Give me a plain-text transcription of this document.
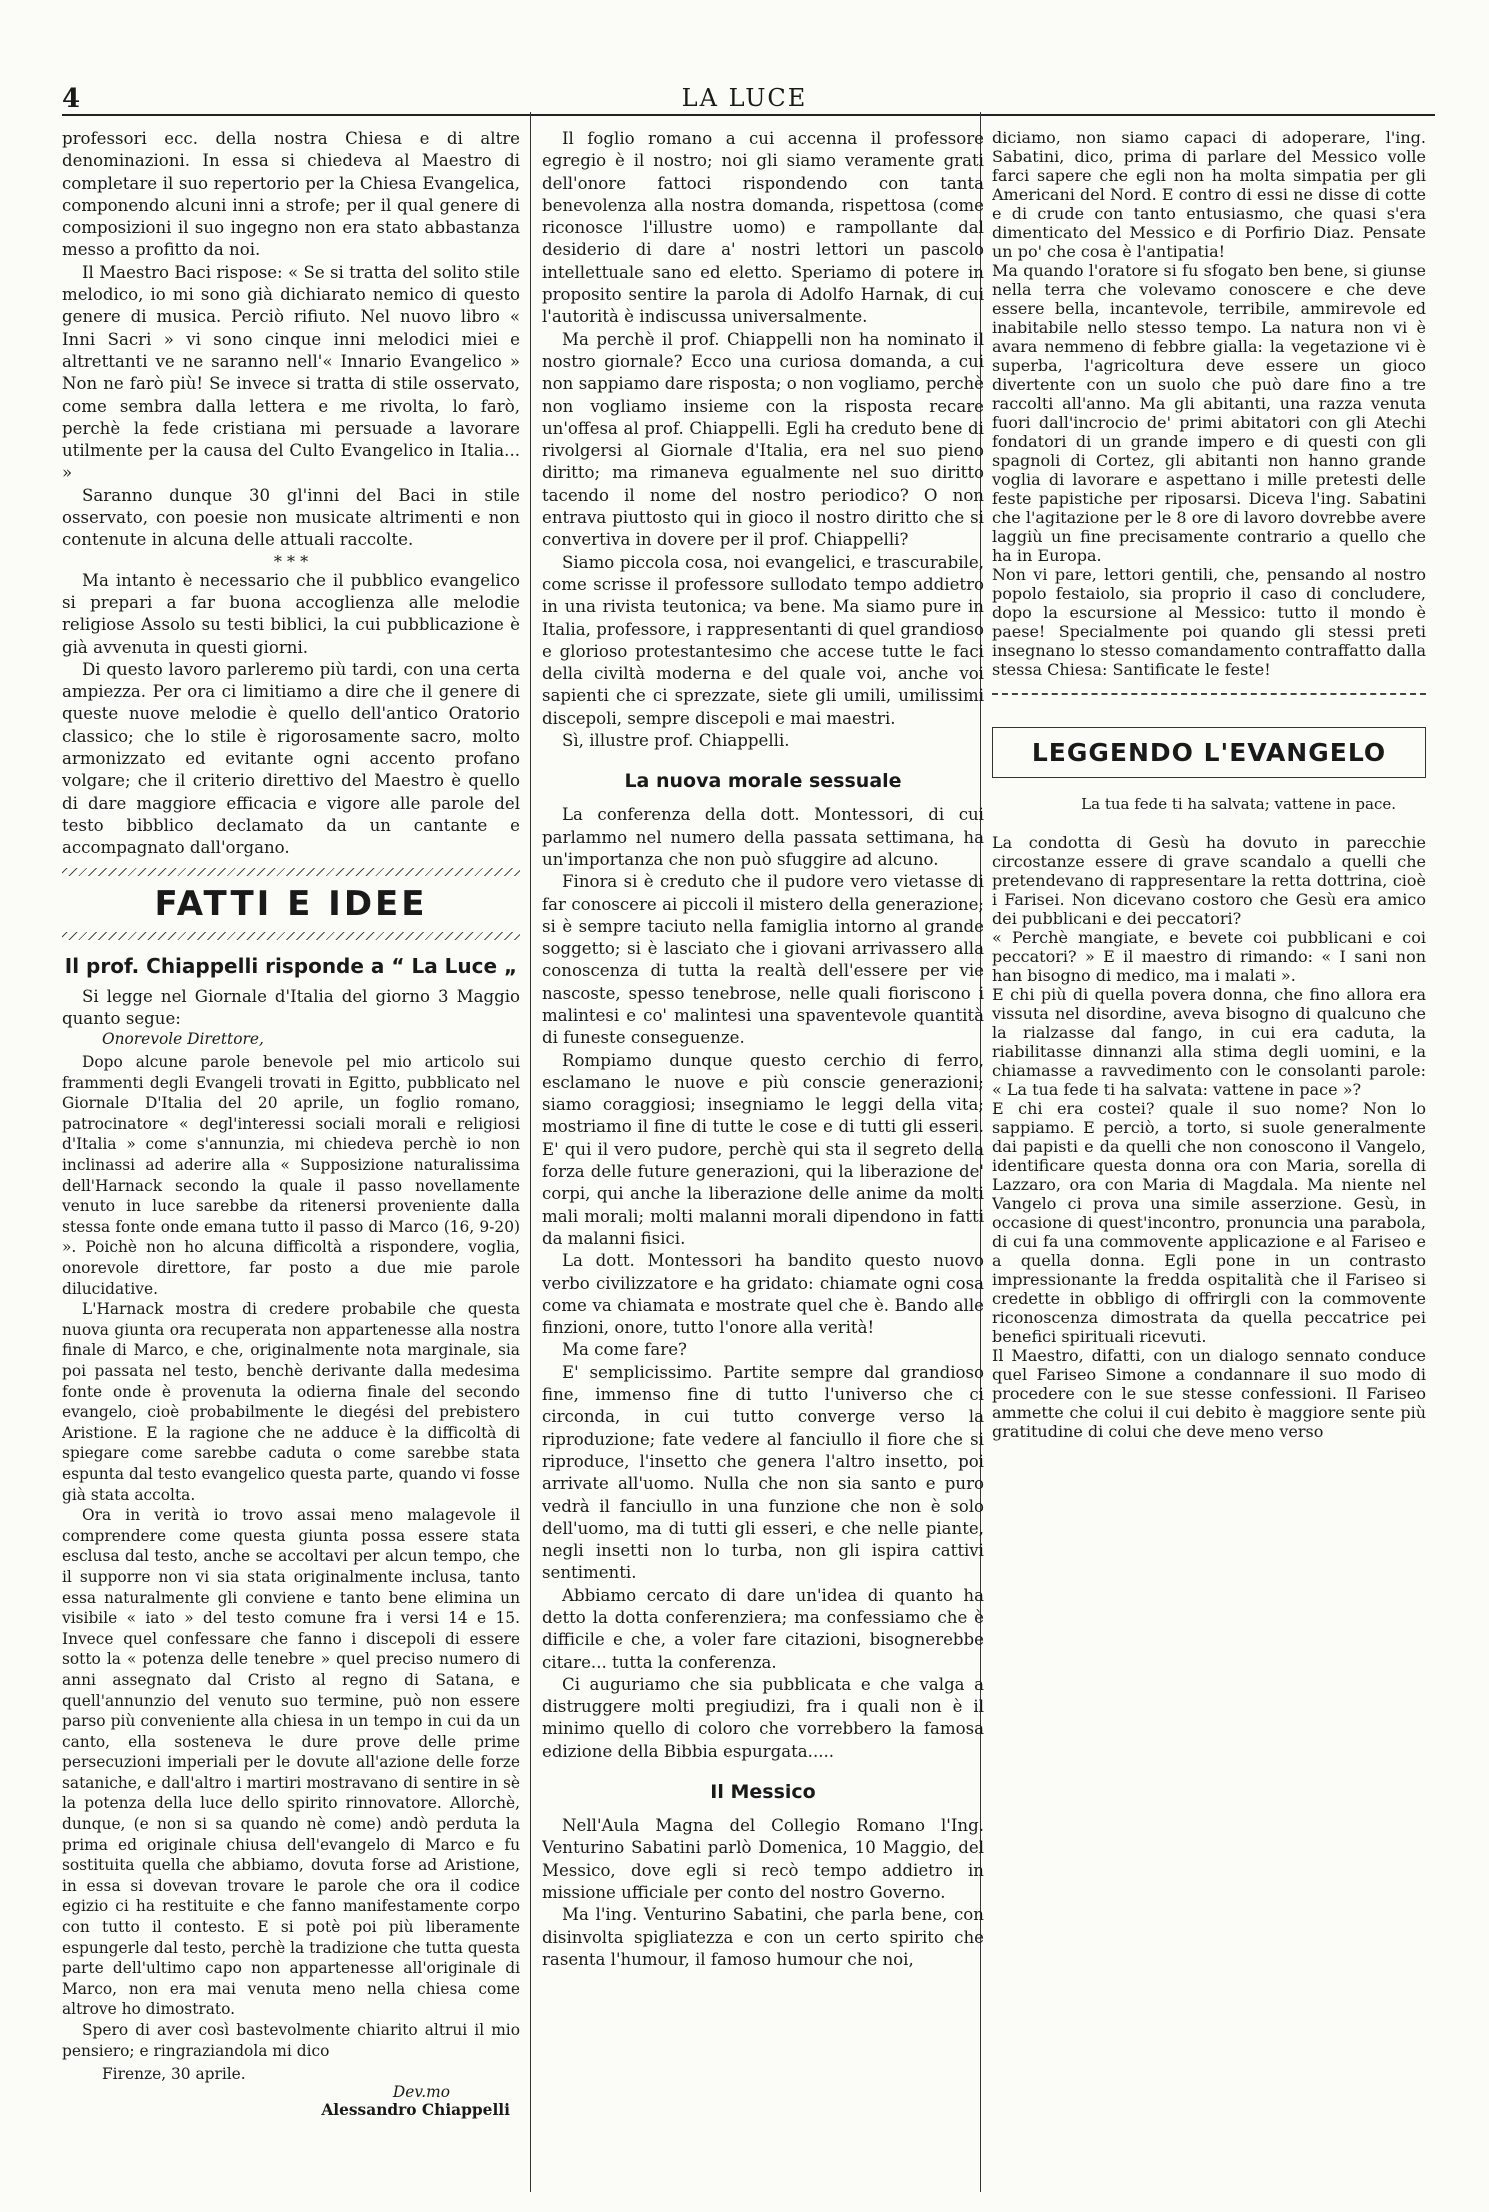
4	LA LUCE

professori ecc. della nostra Chiesa e di altre denominazioni. In essa si chiedeva al Maestro di completare il suo repertorio per la Chiesa Evangelica, componendo alcuni inni a strofe; per il qual genere di composizioni il suo ingegno non era stato abbastanza messo a profitto da noi.

Il Maestro Baci rispose: « Se si tratta del solito stile melodico, io mi sono già dichiarato nemico di questo genere di musica. Perciò rifiuto. Nel nuovo libro « Inni Sacri » vi sono cinque inni melodici miei e altrettanti ve ne saranno nell'« Innario Evangelico » Non ne farò più! Se invece si tratta di stile osservato, come sembra dalla lettera e me rivolta, lo farò, perchè la fede cristiana mi persuade a lavorare utilmente per la causa del Culto Evangelico in Italia... »

Saranno dunque 30 gl'inni del Baci in stile osservato, con poesie non musicate altrimenti e non contenute in alcuna delle attuali raccolte.

* * *

Ma intanto è necessario che il pubblico evangelico si prepari a far buona accoglienza alle melodie religiose Assolo su testi biblici, la cui pubblicazione è già avvenuta in questi giorni.

Di questo lavoro parleremo più tardi, con una certa ampiezza. Per ora ci limitiamo a dire che il genere di queste nuove melodie è quello dell'antico Oratorio classico; che lo stile è rigorosamente sacro, molto armonizzato ed evitante ogni accento profano volgare; che il criterio direttivo del Maestro è quello di dare maggiore efficacia e vigore alle parole del testo bibblico declamato da un cantante e accompagnato dall'organo.

FATTI E IDEE
Il prof. Chiappelli risponde a “ La Luce „

Si legge nel Giornale d'Italia del giorno 3 Maggio quanto segue:

Onorevole Direttore,

Dopo alcune parole benevole pel mio articolo sui frammenti degli Evangeli trovati in Egitto, pubblicato nel Giornale D'Italia del 20 aprile, un foglio romano, patrocinatore « degl'interessi sociali morali e religiosi d'Italia » come s'annunzia, mi chiedeva perchè io non inclinassi ad aderire alla « Supposizione naturalissima dell'Harnack secondo la quale il passo novellamente venuto in luce sarebbe da ritenersi proveniente dalla stessa fonte onde emana tutto il passo di Marco (16, 9-20) ». Poichè non ho alcuna difficoltà a rispondere, voglia, onorevole direttore, far posto a due mie parole dilucidative.

L'Harnack mostra di credere probabile che questa nuova giunta ora recuperata non appartenesse alla nostra finale di Marco, e che, originalmente nota marginale, sia poi passata nel testo, benchè derivante dalla medesima fonte onde è provenuta la odierna finale del secondo evangelo, cioè probabilmente le diegési del prebistero Aristione. E la ragione che ne adduce è la difficoltà di spiegare come sarebbe caduta o come sarebbe stata espunta dal testo evangelico questa parte, quando vi fosse già stata accolta.

Ora in verità io trovo assai meno malagevole il comprendere come questa giunta possa essere stata esclusa dal testo, anche se accoltavi per alcun tempo, che il supporre non vi sia stata originalmente inclusa, tanto essa naturalmente gli conviene e tanto bene elimina un visibile « iato » del testo comune fra i versi 14 e 15. Invece quel confessare che fanno i discepoli di essere sotto la « potenza delle tenebre » quel preciso numero di anni assegnato dal Cristo al regno di Satana, e quell'annunzio del venuto suo termine, può non essere parso più conveniente alla chiesa in un tempo in cui da un canto, ella sosteneva le dure prove delle prime persecuzioni imperiali per le dovute all'azione delle forze sataniche, e dall'altro i martiri mostravano di sentire in sè la potenza della luce dello spirito rinnovatore. Allorchè, dunque, (e non si sa quando nè come) andò perduta la prima ed originale chiusa dell'evangelo di Marco e fu sostituita quella che abbiamo, dovuta forse ad Aristione, in essa si dovevan trovare le parole che ora il codice egizio ci ha restituite e che fanno manifestamente corpo con tutto il contesto. E si potè poi più liberamente espungerle dal testo, perchè la tradizione che tutta questa parte dell'ultimo capo non appartenesse all'originale di Marco, non era mai venuta meno nella chiesa come altrove ho dimostrato.

Spero di aver così bastevolmente chiarito altrui il mio pensiero; e ringraziandola mi dico

Firenze, 30 aprile.
Dev.mo
Alessandro Chiappelli

Il foglio romano a cui accenna il professore egregio è il nostro; noi gli siamo veramente grati dell'onore fattoci rispondendo con tanta benevolenza alla nostra domanda, rispettosa (come riconosce l'illustre uomo) e rampollante dal desiderio di dare a' nostri lettori un pascolo intellettuale sano ed eletto. Speriamo di potere in proposito sentire la parola di Adolfo Harnak, di cui l'autorità è indiscussa universalmente.

Ma perchè il prof. Chiappelli non ha nominato il nostro giornale? Ecco una curiosa domanda, a cui non sappiamo dare risposta; o non vogliamo, perchè non vogliamo insieme con la risposta recare un'offesa al prof. Chiappelli. Egli ha creduto bene di rivolgersi al Giornale d'Italia, era nel suo pieno diritto; ma rimaneva egualmente nel suo diritto tacendo il nome del nostro periodico? O non entrava piuttosto qui in gioco il nostro diritto che si convertiva in dovere per il prof. Chiappelli?

Siamo piccola cosa, noi evangelici, e trascurabile, come scrisse il professore sullodato tempo addietro in una rivista teutonica; va bene. Ma siamo pure in Italia, professore, i rappresentanti di quel grandioso e glorioso protestantesimo che accese tutte le faci della civiltà moderna e del quale voi, anche voi sapienti che ci sprezzate, siete gli umili, umilissimi discepoli, sempre discepoli e mai maestri.

Sì, illustre prof. Chiappelli.

La nuova morale sessuale

La conferenza della dott. Montessori, di cui parlammo nel numero della passata settimana, ha un'importanza che non può sfuggire ad alcuno.

Finora si è creduto che il pudore vero vietasse di far conoscere ai piccoli il mistero della generazione; si è sempre taciuto nella famiglia intorno al grande soggetto; si è lasciato che i giovani arrivassero alla conoscenza di tutta la realtà dell'essere per vie nascoste, spesso tenebrose, nelle quali fioriscono i malintesi e co' malintesi una spaventevole quantità di funeste conseguenze.

Rompiamo dunque questo cerchio di ferro, esclamano le nuove e più conscie generazioni; siamo coraggiosi; insegniamo le leggi della vita; mostriamo il fine di tutte le cose e di tutti gli esseri. E' qui il vero pudore, perchè qui sta il segreto della forza delle future generazioni, qui la liberazione de' corpi, qui anche la liberazione delle anime da molti mali morali; molti malanni morali dipendono in fatti da malanni fisici.

La dott. Montessori ha bandito questo nuovo verbo civilizzatore e ha gridato: chiamate ogni cosa come va chiamata e mostrate quel che è. Bando alle finzioni, onore, tutto l'onore alla verità!

Ma come fare?

E' semplicissimo. Partite sempre dal grandioso fine, immenso fine di tutto l'universo che ci circonda, in cui tutto converge verso la riproduzione; fate vedere al fanciullo il fiore che si riproduce, l'insetto che genera l'altro insetto, poi arrivate all'uomo. Nulla che non sia santo e puro vedrà il fanciullo in una funzione che non è solo dell'uomo, ma di tutti gli esseri, e che nelle piante, negli insetti non lo turba, non gli ispira cattivi sentimenti.

Abbiamo cercato di dare un'idea di quanto ha detto la dotta conferenziera; ma confessiamo che è difficile e che, a voler fare citazioni, bisognerebbe citare... tutta la conferenza.

Ci auguriamo che sia pubblicata e che valga a distruggere molti pregiudizi, fra i quali non è il minimo quello di coloro che vorrebbero la famosa edizione della Bibbia espurgata.....

Il Messico

Nell'Aula Magna del Collegio Romano l'Ing. Venturino Sabatini parlò Domenica, 10 Maggio, del Messico, dove egli si recò tempo addietro in missione ufficiale per conto del nostro Governo.

Ma l'ing. Venturino Sabatini, che parla bene, con disinvolta spigliatezza e con un certo spirito che rasenta l'humour, il famoso humour che noi,

diciamo, non siamo capaci di adoperare, l'ing. Sabatini, dico, prima di parlare del Messico volle farci sapere che egli non ha molta simpatia per gli Americani del Nord. E contro di essi ne disse di cotte e di crude con tanto entusiasmo, che quasi s'era dimenticato del Messico e di Porfirio Diaz. Pensate un po' che cosa è l'antipatia!

Ma quando l'oratore si fu sfogato ben bene, si giunse nella terra che volevamo conoscere e che deve essere bella, incantevole, terribile, ammirevole ed inabitabile nello stesso tempo. La natura non vi è avara nemmeno di febbre gialla: la vegetazione vi è superba, l'agricoltura deve essere un gioco divertente con un suolo che può dare fino a tre raccolti all'anno. Ma gli abitanti, una razza venuta fuori dall'incrocio de' primi abitatori con gli Atechi fondatori di un grande impero e di questi con gli spagnoli di Cortez, gli abitanti non hanno grande voglia di lavorare e aspettano i mille pretesti delle feste papistiche per riposarsi. Diceva l'ing. Sabatini che l'agitazione per le 8 ore di lavoro dovrebbe avere laggiù un fine precisamente contrario a quello che ha in Europa.

Non vi pare, lettori gentili, che, pensando al nostro popolo festaiolo, sia proprio il caso di concludere, dopo la escursione al Messico: tutto il mondo è paese! Specialmente poi quando gli stessi preti insegnano lo stesso comandamento contraffatto dalla stessa Chiesa: Santificate le feste!

LEGGENDO L'EVANGELO
La tua fede ti ha salvata; vattene in pace.

La condotta di Gesù ha dovuto in parecchie circostanze essere di grave scandalo a quelli che pretendevano di rappresentare la retta dottrina, cioè i Farisei. Non dicevano costoro che Gesù era amico dei pubblicani e dei peccatori?

« Perchè mangiate, e bevete coi pubblicani e coi peccatori? » E il maestro di rimando: « I sani non han bisogno di medico, ma i malati ».

E chi più di quella povera donna, che fino allora era vissuta nel disordine, aveva bisogno di qualcuno che la rialzasse dal fango, in cui era caduta, la riabilitasse dinnanzi alla stima degli uomini, e la chiamasse a ravvedimento con le consolanti parole: « La tua fede ti ha salvata: vattene in pace »?

E chi era costei? quale il suo nome? Non lo sappiamo. E perciò, a torto, si suole generalmente dai papisti e da quelli che non conoscono il Vangelo, identificare questa donna ora con Maria, sorella di Lazzaro, ora con Maria di Magdala. Ma niente nel Vangelo ci prova una simile asserzione. Gesù, in occasione di quest'incontro, pronuncia una parabola, di cui fa una commovente applicazione e al Fariseo e a quella donna. Egli pone in un contrasto impressionante la fredda ospitalità che il Fariseo si credette in obbligo di offrirgli con la commovente riconoscenza dimostrata da quella peccatrice pei benefici spirituali ricevuti.

Il Maestro, difatti, con un dialogo sennato conduce quel Fariseo Simone a condannare il suo modo di procedere con le sue stesse confessioni. Il Fariseo ammette che colui il cui debito è maggiore sente più gratitudine di colui che deve meno verso
